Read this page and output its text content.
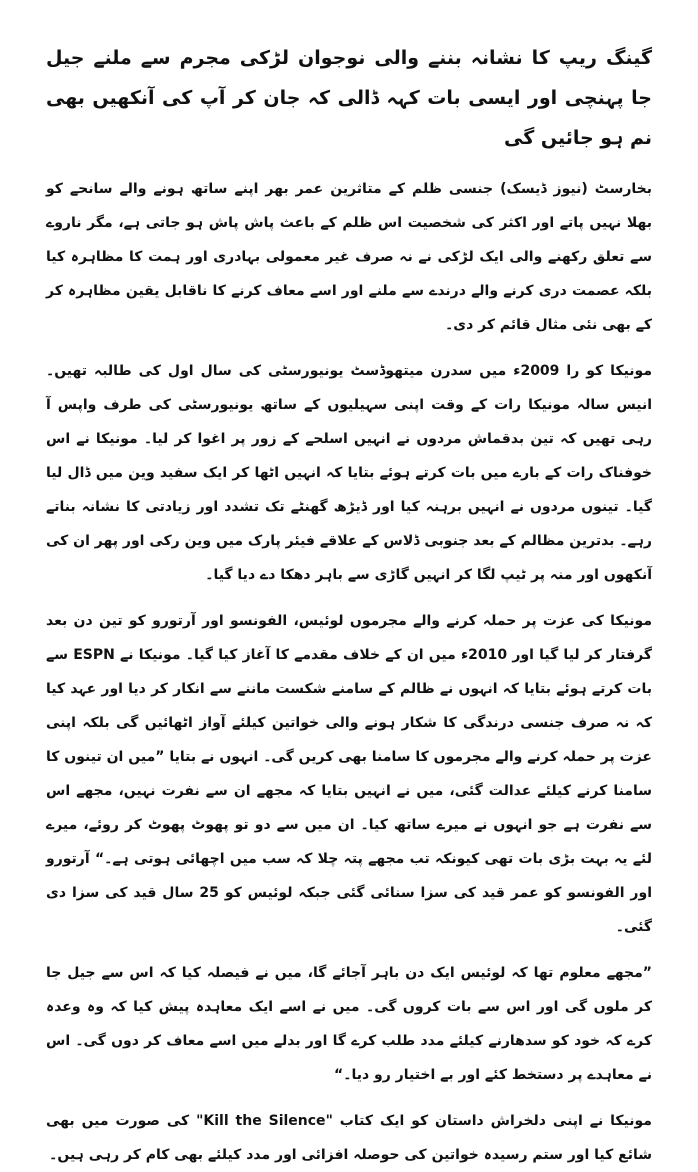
گینگ ریپ کا نشانہ بننے والی نوجوان لڑکی مجرم سے ملنے جیل جا پہنچی اور ایسی بات کہہ ڈالی کہ جان کر آپ کی آنکھیں بھی نم ہو جائیں گی

بخارسٹ (نیوز ڈیسک) جنسی ظلم کے متاثرین عمر بھر اپنے ساتھ ہونے والے سانحے کو بھلا نہیں پاتے اور اکثر کی شخصیت اس ظلم کے باعث پاش پاش ہو جاتی ہے، مگر ناروے سے تعلق رکھنے والی ایک لڑکی نے نہ صرف غیر معمولی بہادری اور ہمت کا مظاہرہ کیا بلکہ عصمت دری کرنے والے درندے سے ملنے اور اسے معاف کرنے کا ناقابل یقین مظاہرہ کر کے بھی نئی مثال قائم کر دی۔

مونیکا کو را 2009ء میں سدرن میتھوڈسٹ یونیورسٹی کی سال اول کی طالبہ تھیں۔ انیس سالہ مونیکا رات کے وقت اپنی سہیلیوں کے ساتھ یونیورسٹی کی طرف واپس آ رہی تھیں کہ تین بدقماش مردوں نے انہیں اسلحے کے زور پر اغوا کر لیا۔ مونیکا نے اس خوفناک رات کے بارے میں بات کرتے ہوئے بتایا کہ انہیں اٹھا کر ایک سفید وین میں ڈال لیا گیا۔ تینوں مردوں نے انہیں برہنہ کیا اور ڈیڑھ گھنٹے تک تشدد اور زیادتی کا نشانہ بناتے رہے۔ بدترین مظالم کے بعد جنوبی ڈلاس کے علاقے فیئر پارک میں وین رکی اور پھر ان کی آنکھوں اور منہ پر ٹیپ لگا کر انہیں گاڑی سے باہر دھکا دے دیا گیا۔

مونیکا کی عزت پر حملہ کرنے والے مجرموں لوئیس، الفونسو اور آرتورو کو تین دن بعد گرفتار کر لیا گیا اور 2010ء میں ان کے خلاف مقدمے کا آغاز کیا گیا۔ مونیکا نے ESPN سے بات کرتے ہوئے بتایا کہ انہوں نے ظالم کے سامنے شکست ماننے سے انکار کر دیا اور عہد کیا کہ نہ صرف جنسی درندگی کا شکار ہونے والی خواتین کیلئے آواز اٹھائیں گی بلکہ اپنی عزت پر حملہ کرنے والے مجرموں کا سامنا بھی کریں گی۔ انہوں نے بتایا ”میں ان تینوں کا سامنا کرنے کیلئے عدالت گئی، میں نے انہیں بتایا کہ مجھے ان سے نفرت نہیں، مجھے اس سے نفرت ہے جو انہوں نے میرے ساتھ کیا۔ ان میں سے دو تو پھوٹ پھوٹ کر روئے، میرے لئے یہ بہت بڑی بات تھی کیونکہ تب مجھے پتہ چلا کہ سب میں اچھائی ہوتی ہے۔“ آرتورو اور الفونسو کو عمر قید کی سزا سنائی گئی جبکہ لوئیس کو 25 سال قید کی سزا دی گئی۔

”مجھے معلوم تھا کہ لوئیس ایک دن باہر آجائے گا، میں نے فیصلہ کیا کہ اس سے جیل جا کر ملوں گی اور اس سے بات کروں گی۔ میں نے اسے ایک معاہدہ پیش کیا کہ وہ وعدہ کرے کہ خود کو سدھارنے کیلئے مدد طلب کرے گا اور بدلے میں اسے معاف کر دوں گی۔ اس نے معاہدے پر دستخط کئے اور بے اختیار رو دیا۔“

مونیکا نے اپنی دلخراش داستان کو ایک کتاب "Kill the Silence" کی صورت میں بھی شائع کیا اور ستم رسیدہ خواتین کی حوصلہ افزائی اور مدد کیلئے بھی کام کر رہی ہیں۔
